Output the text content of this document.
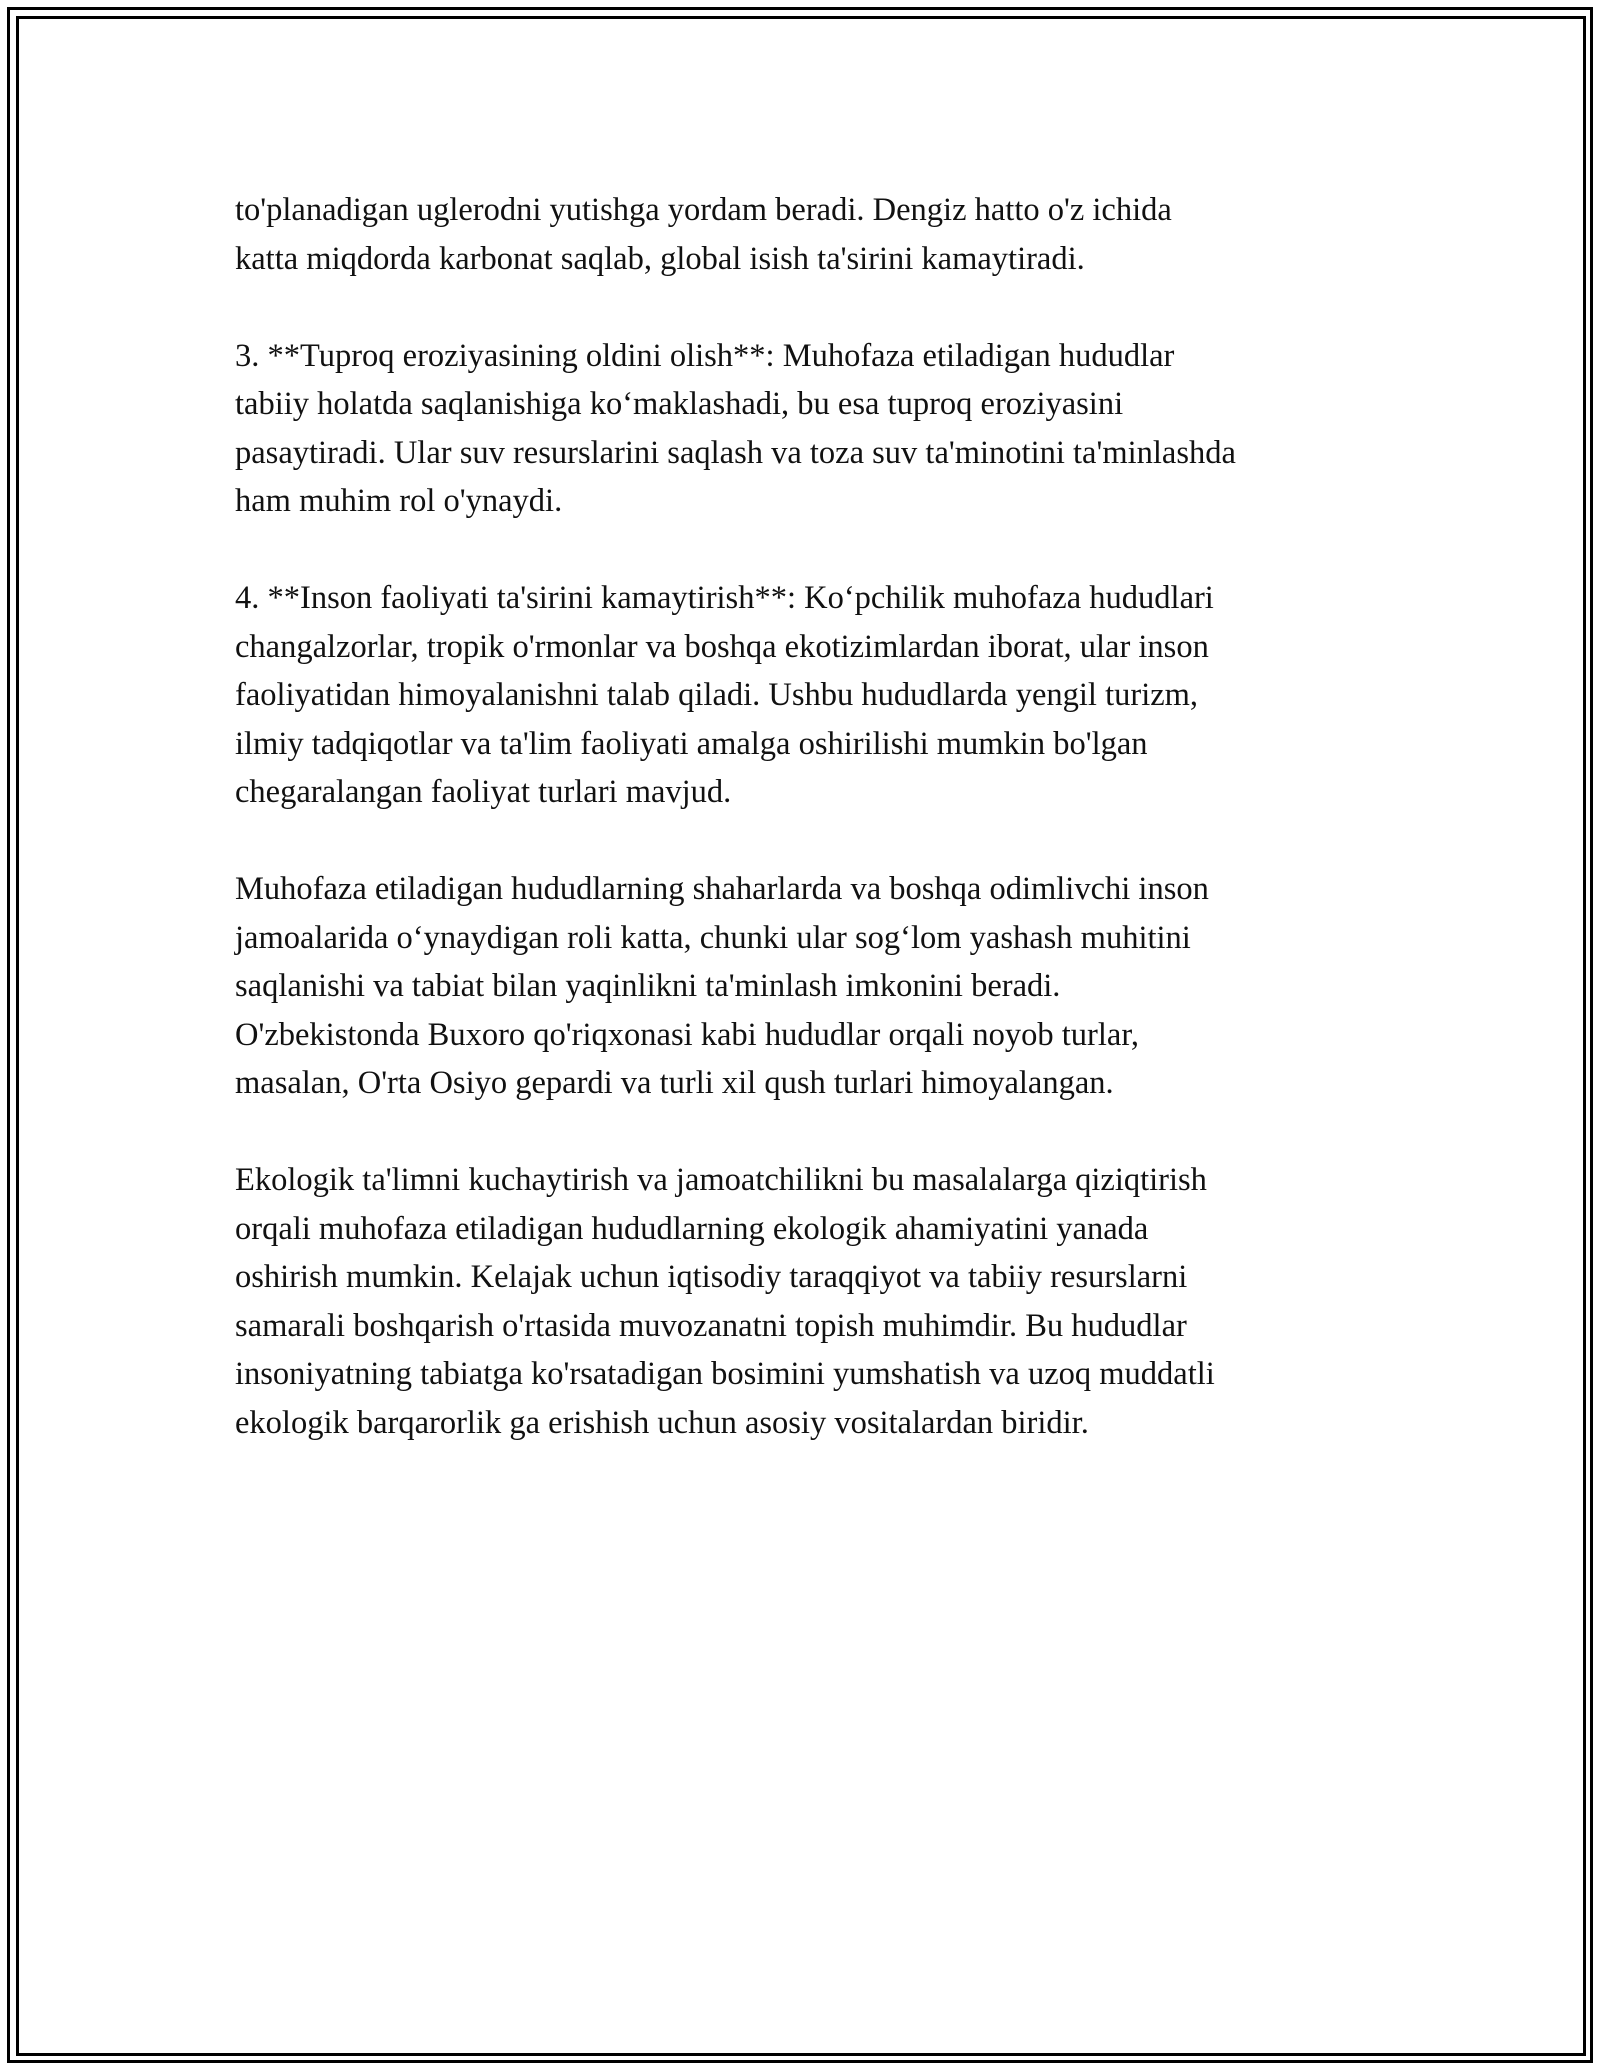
to'planadigan uglerodni yutishga yordam beradi. Dengiz hatto o'z ichida
katta miqdorda karbonat saqlab, global isish ta'sirini kamaytiradi.

3. **Tuproq eroziyasining oldini olish**: Muhofaza etiladigan hududlar
tabiiy holatda saqlanishiga ko‘maklashadi, bu esa tuproq eroziyasini
pasaytiradi. Ular suv resurslarini saqlash va toza suv ta'minotini ta'minlashda
ham muhim rol o'ynaydi.

4. **Inson faoliyati ta'sirini kamaytirish**: Ko‘pchilik muhofaza hududlari
changalzorlar, tropik o'rmonlar va boshqa ekotizimlardan iborat, ular inson
faoliyatidan himoyalanishni talab qiladi. Ushbu hududlarda yengil turizm,
ilmiy tadqiqotlar va ta'lim faoliyati amalga oshirilishi mumkin bo'lgan
chegaralangan faoliyat turlari mavjud.

Muhofaza etiladigan hududlarning shaharlarda va boshqa odimlivchi inson
jamoalarida o‘ynaydigan roli katta, chunki ular sog‘lom yashash muhitini
saqlanishi va tabiat bilan yaqinlikni ta'minlash imkonini beradi.
O'zbekistonda Buxoro qo'riqxonasi kabi hududlar orqali noyob turlar,
masalan, O'rta Osiyo gepardi va turli xil qush turlari himoyalangan.

Ekologik ta'limni kuchaytirish va jamoatchilikni bu masalalarga qiziqtirish
orqali muhofaza etiladigan hududlarning ekologik ahamiyatini yanada
oshirish mumkin. Kelajak uchun iqtisodiy taraqqiyot va tabiiy resurslarni
samarali boshqarish o'rtasida muvozanatni topish muhimdir. Bu hududlar
insoniyatning tabiatga ko'rsatadigan bosimini yumshatish va uzoq muddatli
ekologik barqarorlik ga erishish uchun asosiy vositalardan biridir.
